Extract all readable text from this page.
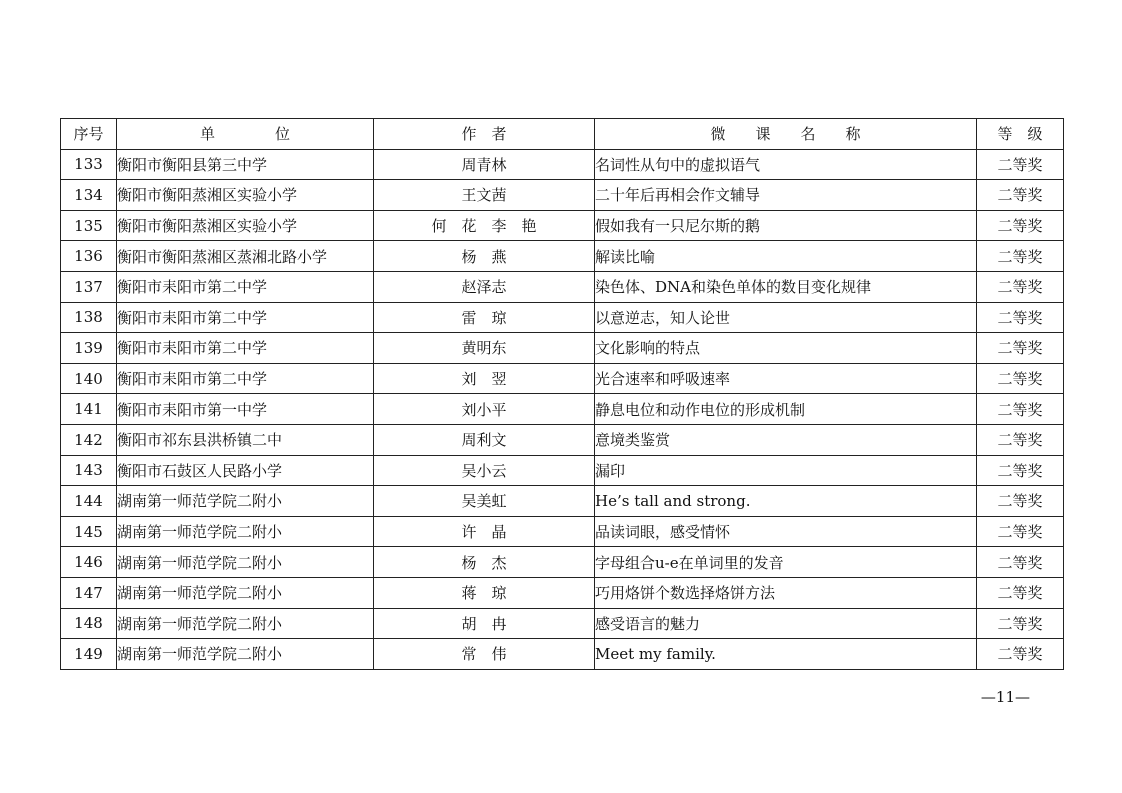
序号	单　　　　位	作　者	微　　课　　名　　称	等　级
133	衡阳市衡阳县第三中学	周青林	名词性从句中的虚拟语气	二等奖
134	衡阳市衡阳蒸湘区实验小学	王文茜	二十年后再相会作文辅导	二等奖
135	衡阳市衡阳蒸湘区实验小学	何　花　李　艳	假如我有一只尼尔斯的鹅	二等奖
136	衡阳市衡阳蒸湘区蒸湘北路小学	杨　燕	解读比喻	二等奖
137	衡阳市耒阳市第二中学	赵泽志	染色体、DNA和染色单体的数目变化规律	二等奖
138	衡阳市耒阳市第二中学	雷　琼	以意逆志，知人论世	二等奖
139	衡阳市耒阳市第二中学	黄明东	文化影响的特点	二等奖
140	衡阳市耒阳市第二中学	刘　翌	光合速率和呼吸速率	二等奖
141	衡阳市耒阳市第一中学	刘小平	静息电位和动作电位的形成机制	二等奖
142	衡阳市祁东县洪桥镇二中	周利文	意境类鉴赏	二等奖
143	衡阳市石鼓区人民路小学	吴小云	漏印	二等奖
144	湖南第一师范学院二附小	吴美虹	He’s tall and strong.	二等奖
145	湖南第一师范学院二附小	许　晶	品读词眼，感受情怀	二等奖
146	湖南第一师范学院二附小	杨　杰	字母组合u-e在单词里的发音	二等奖
147	湖南第一师范学院二附小	蒋　琼	巧用烙饼个数选择烙饼方法	二等奖
148	湖南第一师范学院二附小	胡　冉	感受语言的魅力	二等奖
149	湖南第一师范学院二附小	常　伟	Meet my family.	二等奖
—11—
